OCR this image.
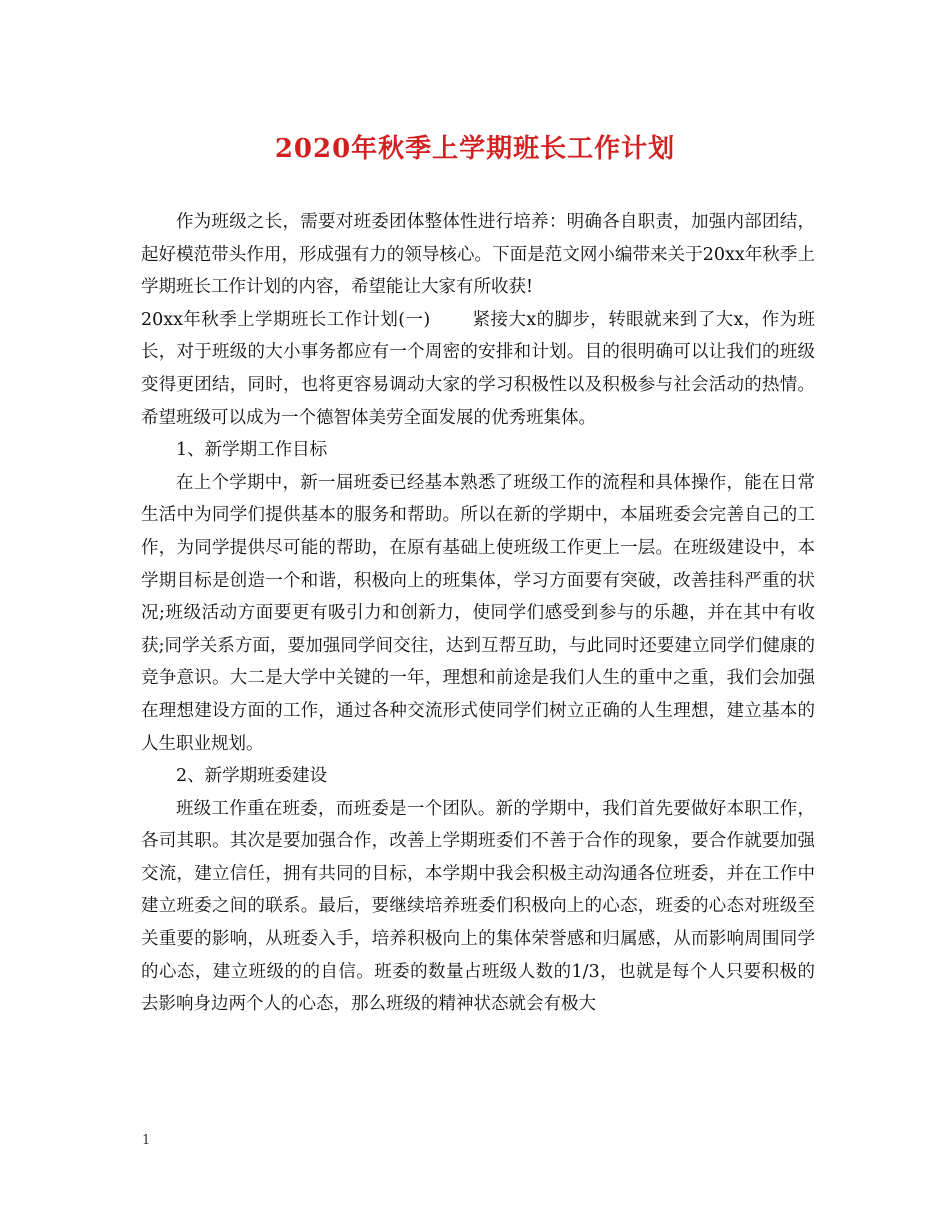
2020年秋季上学期班长工作计划

作为班级之长，需要对班委团体整体性进行培养：明确各自职责，加强内部团结，起好模范带头作用，形成强有力的领导核心。下面是范文网小编带来关于20xx年秋季上学期班长工作计划的内容，希望能让大家有所收获!

20xx年秋季上学期班长工作计划(一) 紧接大x的脚步，转眼就来到了大x，作为班长，对于班级的大小事务都应有一个周密的安排和计划。目的很明确可以让我们的班级变得更团结，同时，也将更容易调动大家的学习积极性以及积极参与社会活动的热情。希望班级可以成为一个德智体美劳全面发展的优秀班集体。

1、新学期工作目标

在上个学期中，新一届班委已经基本熟悉了班级工作的流程和具体操作，能在日常生活中为同学们提供基本的服务和帮助。所以在新的学期中，本届班委会完善自己的工作，为同学提供尽可能的帮助，在原有基础上使班级工作更上一层。在班级建设中，本学期目标是创造一个和谐，积极向上的班集体，学习方面要有突破，改善挂科严重的状况;班级活动方面要更有吸引力和创新力，使同学们感受到参与的乐趣，并在其中有收获;同学关系方面，要加强同学间交往，达到互帮互助，与此同时还要建立同学们健康的竞争意识。大二是大学中关键的一年，理想和前途是我们人生的重中之重，我们会加强在理想建设方面的工作，通过各种交流形式使同学们树立正确的人生理想，建立基本的人生职业规划。

2、新学期班委建设

班级工作重在班委，而班委是一个团队。新的学期中，我们首先要做好本职工作，各司其职。其次是要加强合作，改善上学期班委们不善于合作的现象，要合作就要加强交流，建立信任，拥有共同的目标，本学期中我会积极主动沟通各位班委，并在工作中建立班委之间的联系。最后，要继续培养班委们积极向上的心态，班委的心态对班级至关重要的影响，从班委入手，培养积极向上的集体荣誉感和归属感，从而影响周围同学的心态，建立班级的的自信。班委的数量占班级人数的1/3，也就是每个人只要积极的去影响身边两个人的心态，那么班级的精神状态就会有极大

1
